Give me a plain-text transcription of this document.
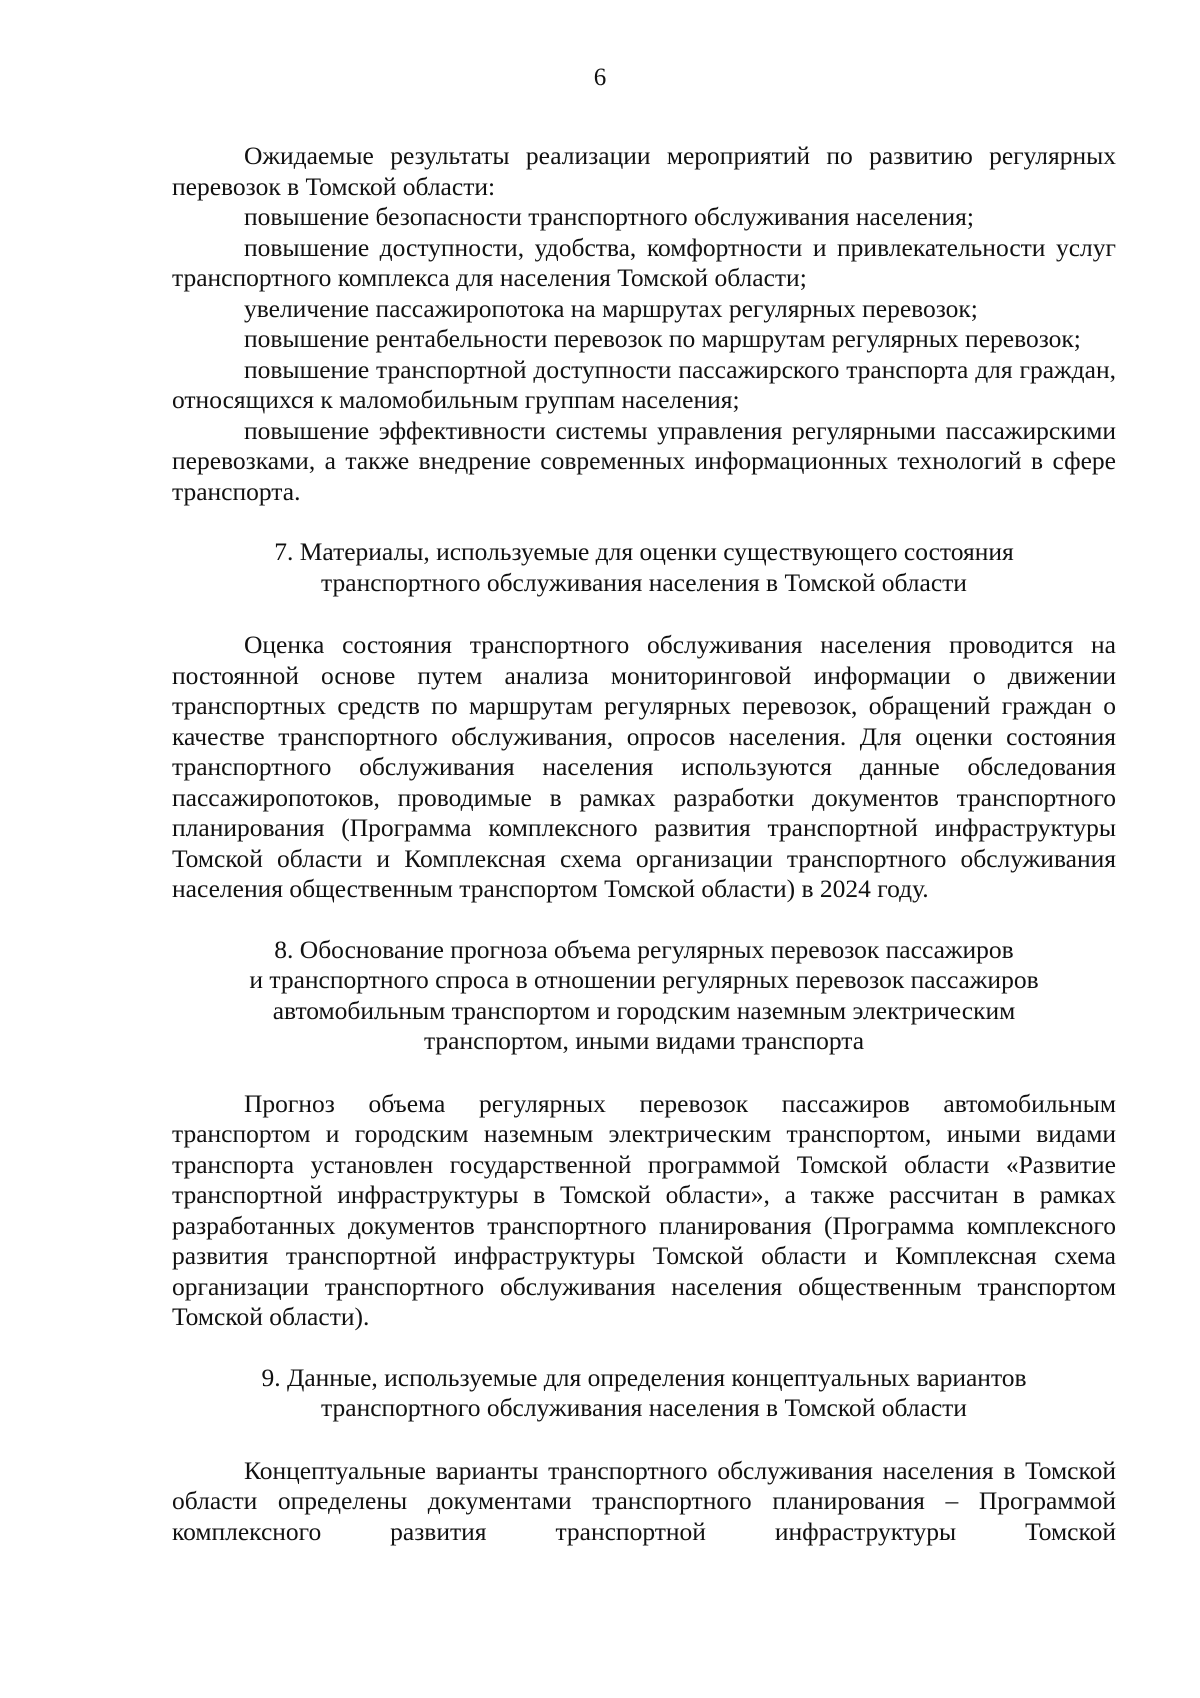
6

Ожидаемые результаты реализации мероприятий по развитию регулярных перевозок в Томской области:

повышение безопасности транспортного обслуживания населения;

повышение доступности, удобства, комфортности и привлекательности услуг транспортного комплекса для населения Томской области;

увеличение пассажиропотока на маршрутах регулярных перевозок;

повышение рентабельности перевозок по маршрутам регулярных перевозок;

повышение транспортной доступности пассажирского транспорта для граждан, относящихся к маломобильным группам населения;

повышение эффективности системы управления регулярными пассажирскими перевозками, а также внедрение современных информационных технологий в сфере транспорта.

7. Материалы, используемые для оценки существующего состояния
транспортного обслуживания населения в Томской области

Оценка состояния транспортного обслуживания населения проводится на постоянной основе путем анализа мониторинговой информации о движении транспортных средств по маршрутам регулярных перевозок, обращений граждан о качестве транспортного обслуживания, опросов населения. Для оценки состояния транспортного обслуживания населения используются данные обследования пассажиропотоков, проводимые в рамках разработки документов транспортного планирования (Программа комплексного развития транспортной инфраструктуры Томской области и Комплексная схема организации транспортного обслуживания населения общественным транспортом Томской области) в 2024 году.

8. Обоснование прогноза объема регулярных перевозок пассажиров
и транспортного спроса в отношении регулярных перевозок пассажиров
автомобильным транспортом и городским наземным электрическим
транспортом, иными видами транспорта

Прогноз объема регулярных перевозок пассажиров автомобильным транспортом и городским наземным электрическим транспортом, иными видами транспорта установлен государственной программой Томской области «Развитие транспортной инфраструктуры в Томской области», а также рассчитан в рамках разработанных документов транспортного планирования (Программа комплексного развития транспортной инфраструктуры Томской области и Комплексная схема организации транспортного обслуживания населения общественным транспортом Томской области).

9. Данные, используемые для определения концептуальных вариантов
транспортного обслуживания населения в Томской области

Концептуальные варианты транспортного обслуживания населения в Томской области определены документами транспортного планирования – Программой комплексного развития транспортной инфраструктуры Томской
